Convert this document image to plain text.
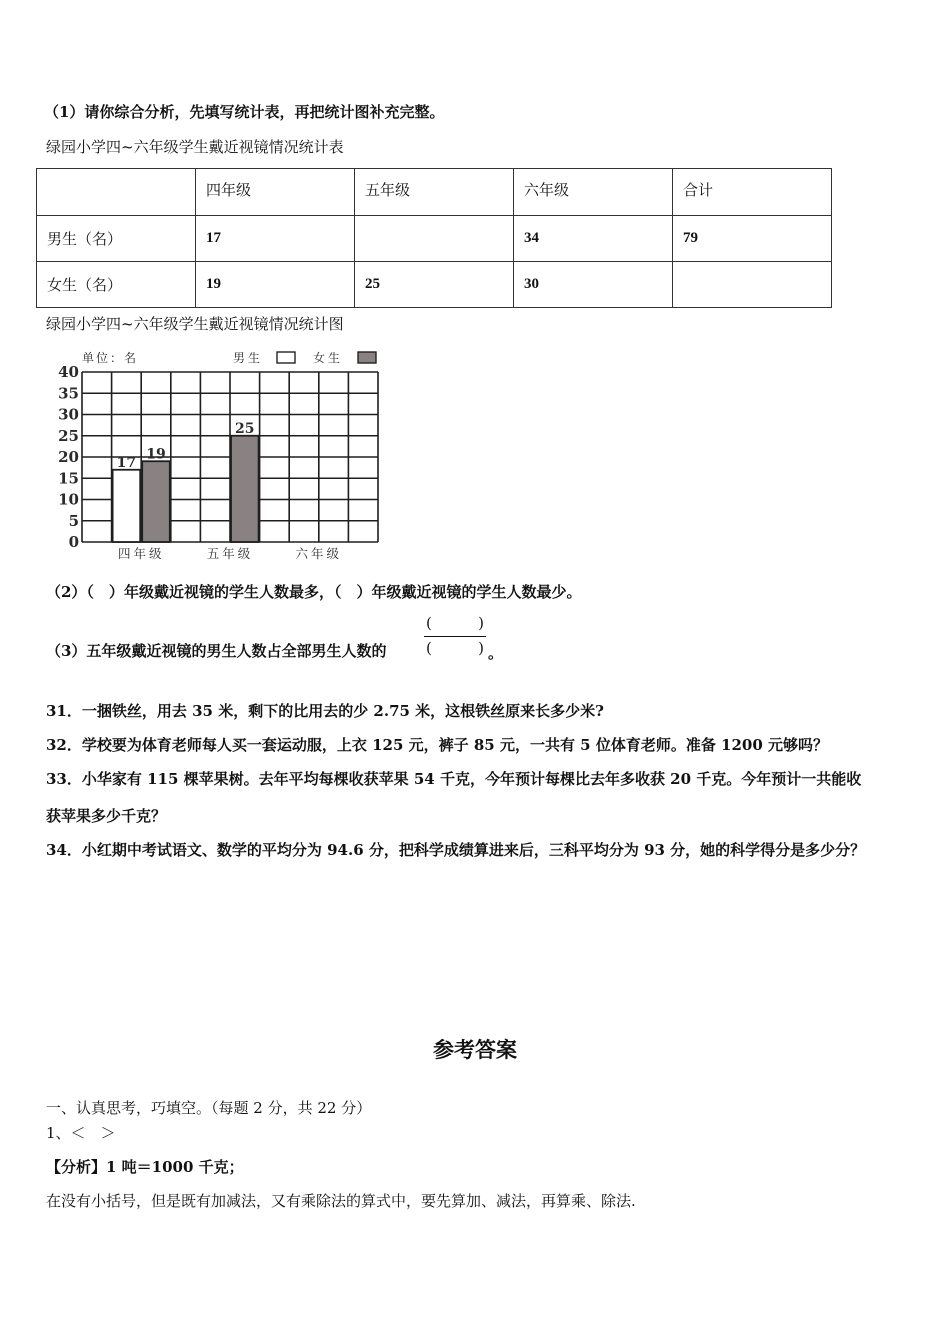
（1）请你综合分析，先填写统计表，再把统计图补充完整。
绿园小学四~六年级学生戴近视镜情况统计表
	四年级	五年级	六年级	合计
男生（名）	17		34	79
女生（名）	19	25	30	
绿园小学四~六年级学生戴近视镜情况统计图
0
5
10
15
20
25
30
35
40
四年级	五年级	六年级
17
19
25
单位：名	男生	女生
（2）（　）年级戴近视镜的学生人数最多，（　）年级戴近视镜的学生人数最少。
（3）五年级戴近视镜的男生人数占全部男生人数的
(	)
(	) 。
31．一捆铁丝，用去 35 米，剩下的比用去的少 2.75 米，这根铁丝原来长多少米?
32．学校要为体育老师每人买一套运动服，上衣 125 元，裤子 85 元，一共有 5 位体育老师。准备 1200 元够吗？
33．小华家有 115 棵苹果树。去年平均每棵收获苹果 54 千克，今年预计每棵比去年多收获 20 千克。今年预计一共能收
获苹果多少千克？
34．小红期中考试语文、数学的平均分为 94.6 分，把科学成绩算进来后，三科平均分为 93 分，她的科学得分是多少分？
参考答案
一、认真思考，巧填空。（每题 2 分，共 22 分）
1、＜　＞
【分析】1 吨＝1000 千克；
在没有小括号，但是既有加减法，又有乘除法的算式中，要先算加、减法，再算乘、除法.
